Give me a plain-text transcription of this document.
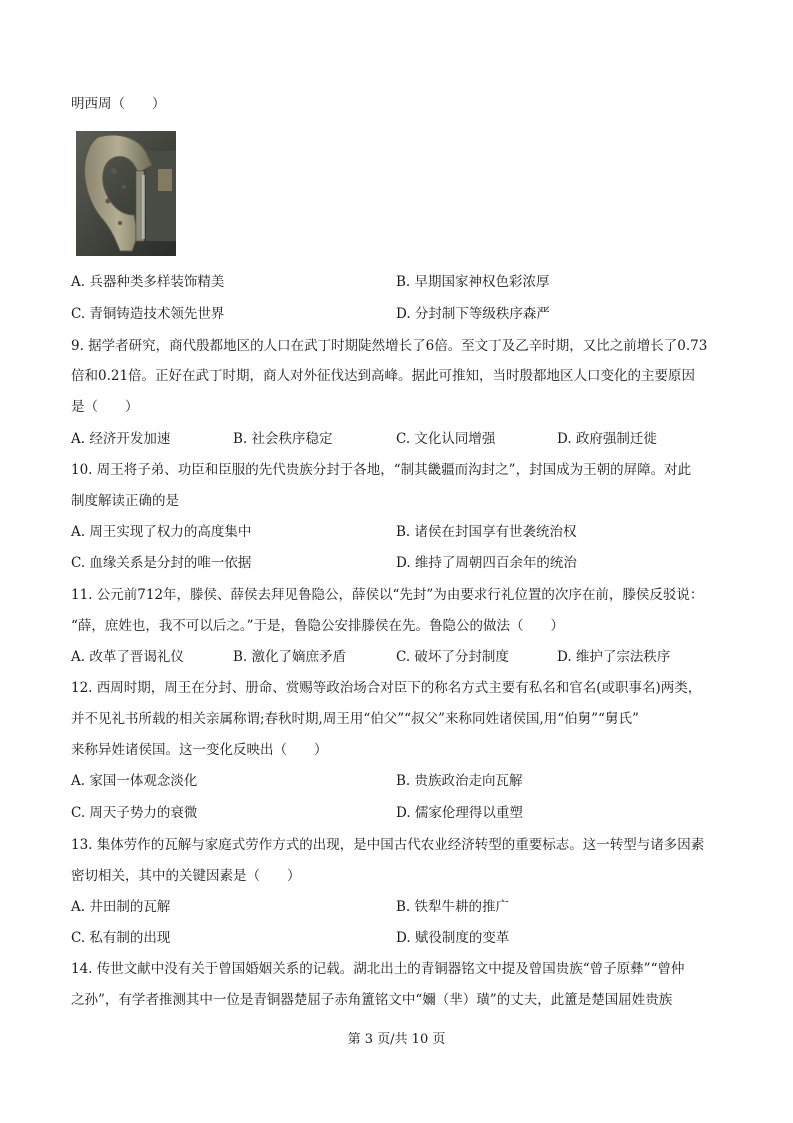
明西周（　　）
A. 兵器种类多样装饰精美	B. 早期国家神权色彩浓厚
C. 青铜铸造技术领先世界	D. 分封制下等级秩序森严
9. 据学者研究，商代殷都地区的人口在武丁时期陡然增长了6倍。至文丁及乙辛时期，又比之前增长了0.73
倍和0.21倍。正好在武丁时期，商人对外征伐达到高峰。据此可推知，当时殷都地区人口变化的主要原因
是（　　）
A. 经济开发加速	B. 社会秩序稳定	C. 文化认同增强	D. 政府强制迁徙
10. 周王将子弟、功臣和臣服的先代贵族分封于各地，“制其畿疆而沟封之”，封国成为王朝的屏障。对此
制度解读正确的是
A. 周王实现了权力的高度集中	B. 诸侯在封国享有世袭统治权
C. 血缘关系是分封的唯一依据	D. 维持了周朝四百余年的统治
11. 公元前712年，滕侯、薛侯去拜见鲁隐公，薛侯以“先封”为由要求行礼位置的次序在前，滕侯反驳说：
“薛，庶姓也，我不可以后之。”于是，鲁隐公安排滕侯在先。鲁隐公的做法（　　）
A. 改革了晋谒礼仪	B. 激化了嫡庶矛盾	C. 破坏了分封制度	D. 维护了宗法秩序
12. 西周时期，周王在分封、册命、赏赐等政治场合对臣下的称名方式主要有私名和官名(或职事名)两类，
并不见礼书所载的相关亲属称谓;春秋时期,周王用“伯父”“叔父”来称同姓诸侯国,用“伯舅”“舅氏”
来称异姓诸侯国。这一变化反映出（　　）
A. 家国一体观念淡化	B. 贵族政治走向瓦解
C. 周天子势力的衰微	D. 儒家伦理得以重塑
13. 集体劳作的瓦解与家庭式劳作方式的出现，是中国古代农业经济转型的重要标志。这一转型与诸多因素
密切相关，其中的关键因素是（　　）
A. 井田制的瓦解	B. 铁犁牛耕的推广
C. 私有制的出现	D. 赋役制度的变革
14. 传世文献中没有关于曾国婚姻关系的记载。湖北出土的青铜器铭文中提及曾国贵族“曾子原彝”“曾仲
之孙”，有学者推测其中一位是青铜器楚屈子赤角簠铭文中“嬭（芈）璜”的丈夫，此簠是楚国屈姓贵族
第 3 页/共 10 页
